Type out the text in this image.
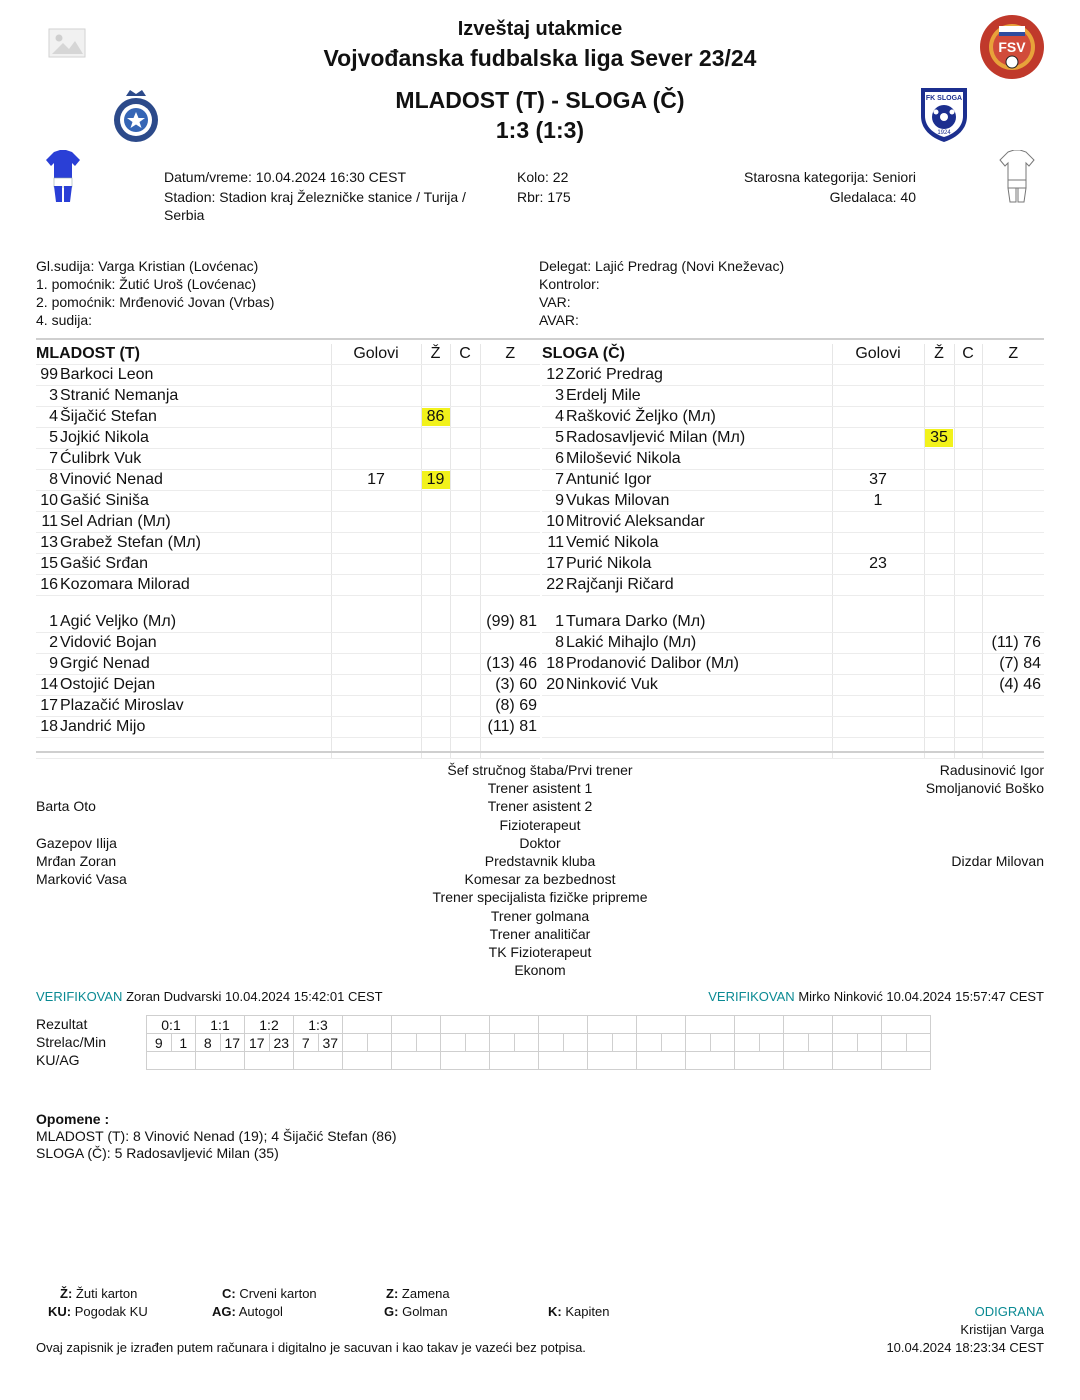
Izveštaj utakmice
Vojvođanska fudbalska liga Sever 23/24
MLADOST (T) - SLOGA (Č)
1:3 (1:3)
FSV
FK SLOGA
1924
Datum/vreme: 10.04.2024 16:30 CEST
Stadion: Stadion kraj Železničke stanice / Turija / Serbia
Kolo: 22
Rbr: 175
Starosna kategorija: Seniori
Gledalaca: 40
Gl.sudija: Varga Kristian (Lovćenac)
1. pomoćnik: Žutić Uroš (Lovćenac)
2. pomoćnik: Mrđenović Jovan (Vrbas)
4. sudija:
Delegat: Lajić Predrag (Novi Kneževac)
Kontrolor:
VAR:
AVAR:
MLADOST (T)	Golovi	Ž	C	Z
99 Barkoci Leon				
3 Stranić Nemanja				
4 Šijačić Stefan		86		
5 Jojkić Nikola				
7 Ćulibrk Vuk				
8 Vinović Nenad	17	19		
10 Gašić Siniša				
11 Sel Adrian (Mл)				
13 Grabež Stefan (Mл)				
15 Gašić Srđan				
16 Kozomara Milorad				

1 Agić Veljko (Mл)				(99) 81
2 Vidović Bojan				
9 Grgić Nenad				(13) 46
14 Ostojić Dejan				(3) 60
17 Plazačić Miroslav				(8) 69
18 Jandrić Mijo				(11) 81

SLOGA (Č)	Golovi	Ž	C	Z
12 Zorić Predrag				
3 Erdelj Mile				
4 Rašković Željko (Mл)				
5 Radosavljević Milan (Mл)		35		
6 Milošević Nikola				
7 Antunić Igor	37			
9 Vukas Milovan	1			
10 Mitrović Aleksandar				
11 Vemić Nikola				
17 Purić Nikola	23			
22 Rajčanji Ričard				

1 Tumara Darko (Mл)				
8 Lakić Mihajlo (Mл)				(11) 76
18 Prodanović Dalibor (Mл)				(7) 84
20 Ninković Vuk				(4) 46

Šef stručnog štaba/Prvi trener	Radusinović Igor
Trener asistent 1	Smoljanović Boško
Barta Oto	Trener asistent 2
Fizioterapeut
Gazepov Ilija	Doktor
Mrđan Zoran	Predstavnik kluba	Dizdar Milovan
Marković Vasa	Komesar za bezbednost
Trener specijalista fizičke pripreme
Trener golmana
Trener analitičar
TK Fizioterapeut
Ekonom
VERIFIKOVAN Zoran Dudvarski 10.04.2024 15:42:01 CEST	VERIFIKOVAN Mirko Ninković 10.04.2024 15:57:47 CEST
Rezultat
Strelac/Min
KU/AG
0:1		1:1		1:2		1:3																									
9	1	8	17	17	23	7	37																								

Opomene :
MLADOST (T): 8 Vinović Nenad (19); 4 Šijačić Stefan (86)
SLOGA (Č): 5 Radosavljević Milan (35)
Ž: Žuti karton	C: Crveni karton	Z: Zamena
KU: Pogodak KU	AG: Autogol	G: Golman	K: Kapiten	ODIGRANA
Kristijan Varga
10.04.2024 18:23:34 CEST
Ovaj zapisnik je izrađen putem računara i digitalno je sacuvan i kao takav je vazeći bez potpisa.
